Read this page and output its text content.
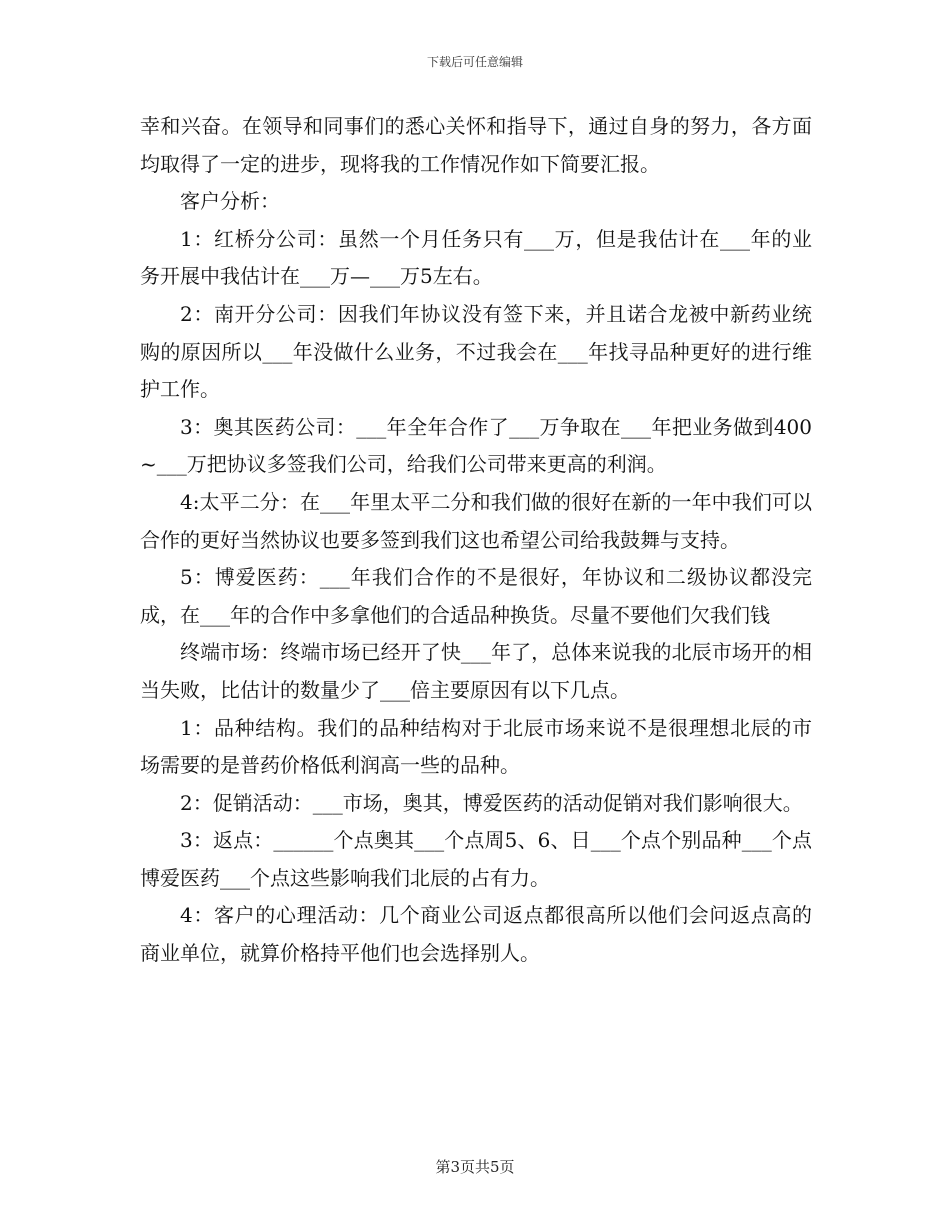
下载后可任意编辑

幸和兴奋。在领导和同事们的悉心关怀和指导下，通过自身的努力，各方面均取得了一定的进步，现将我的工作情况作如下简要汇报。

客户分析：

1：红桥分公司：虽然一个月任务只有___万，但是我估计在___年的业务开展中我估计在___万—___万5左右。

2：南开分公司：因我们年协议没有签下来，并且诺合龙被中新药业统购的原因所以___年没做什么业务，不过我会在___年找寻品种更好的进行维护工作。

3：奥其医药公司：___年全年合作了___万争取在___年把业务做到400~___万把协议多签我们公司，给我们公司带来更高的利润。

4:太平二分：在___年里太平二分和我们做的很好在新的一年中我们可以合作的更好当然协议也要多签到我们这也希望公司给我鼓舞与支持。

5：博爱医药：___年我们合作的不是很好，年协议和二级协议都没完成，在___年的合作中多拿他们的合适品种换货。尽量不要他们欠我们钱

终端市场：终端市场已经开了快___年了，总体来说我的北辰市场开的相当失败，比估计的数量少了___倍主要原因有以下几点。

1：品种结构。我们的品种结构对于北辰市场来说不是很理想北辰的市场需要的是普药价格低利润高一些的品种。

2：促销活动：___市场，奥其，博爱医药的活动促销对我们影响很大。

3：返点：______个点奥其___个点周5、6、日___个点个别品种___个点博爱医药___个点这些影响我们北辰的占有力。

4：客户的心理活动：几个商业公司返点都很高所以他们会问返点高的商业单位，就算价格持平他们也会选择别人。

第3页共5页
